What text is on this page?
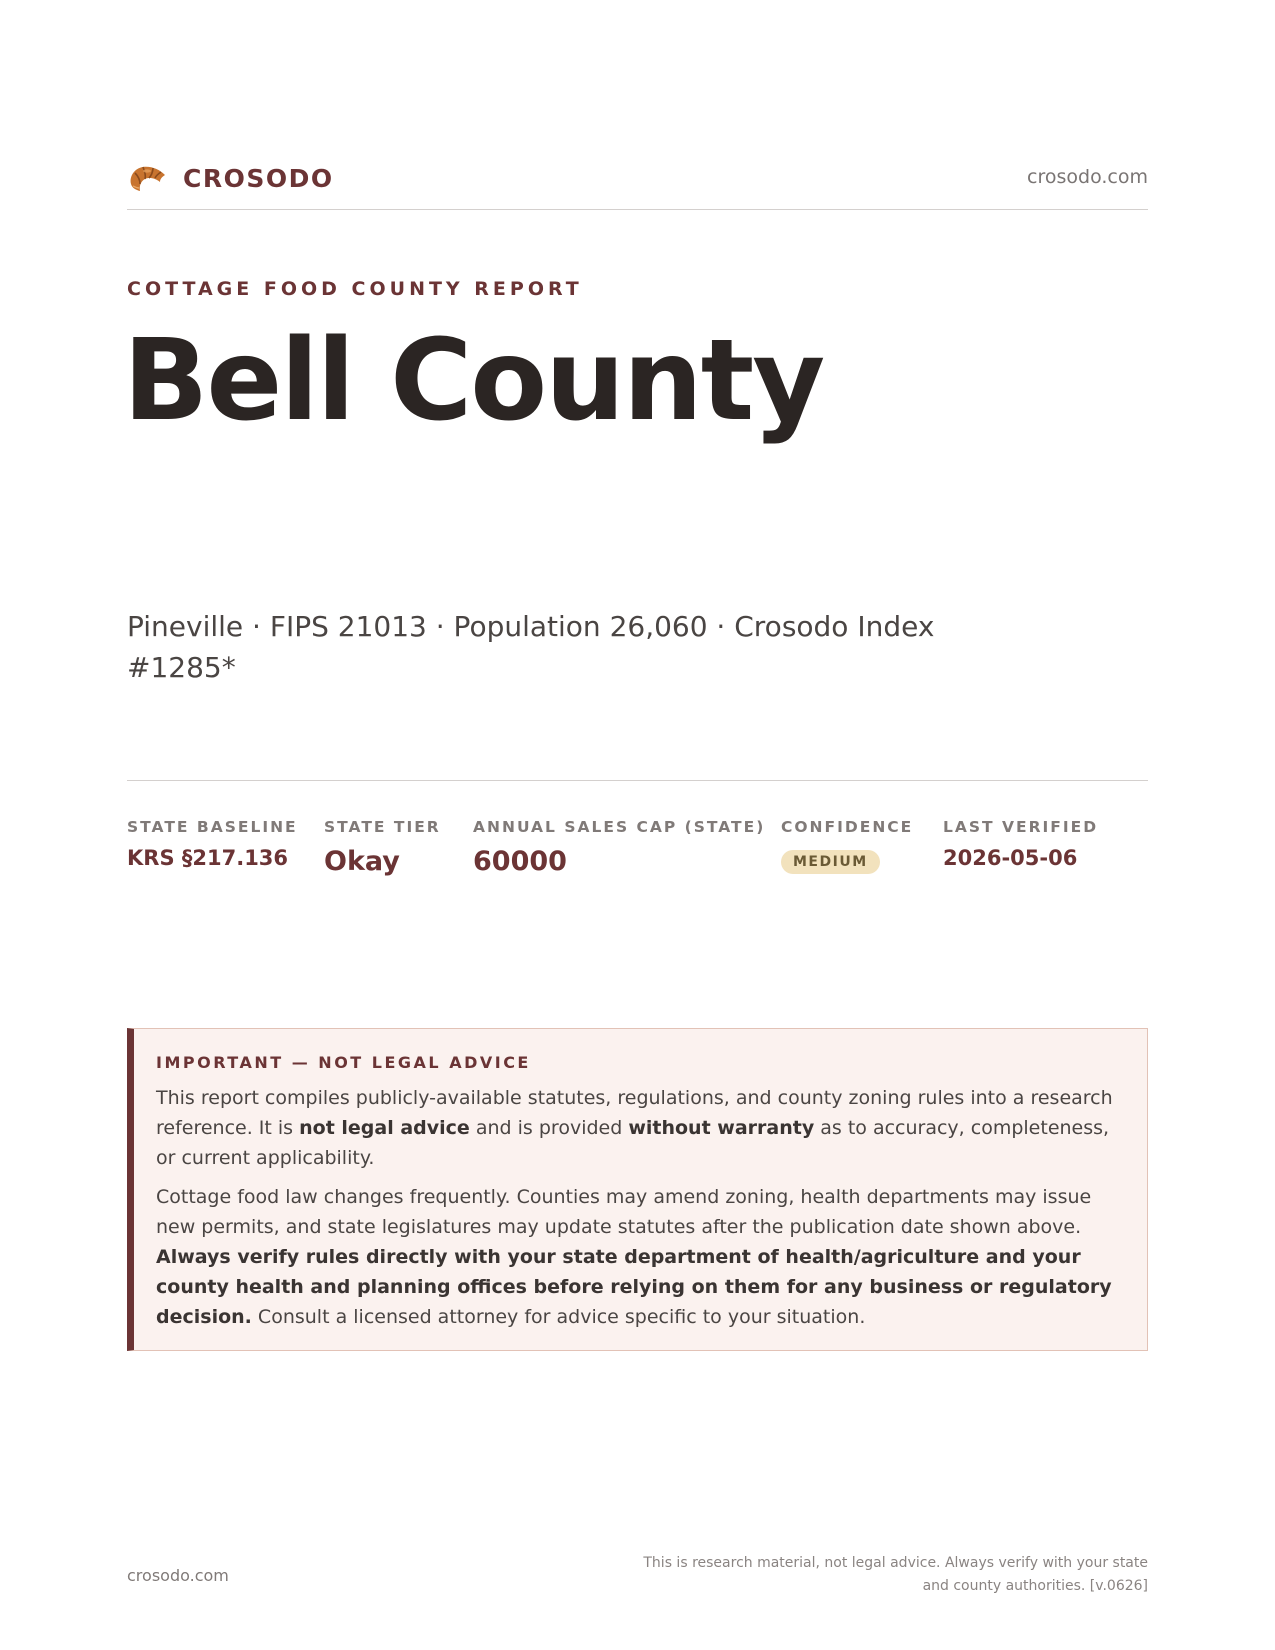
CROSODO	crosodo.com
COTTAGE FOOD COUNTY REPORT
Bell County
Pineville · FIPS 21013 · Population 26,060 · Crosodo Index #1285*
STATE BASELINE
KRS §217.136
STATE TIER
Okay
ANNUAL SALES CAP (STATE)
60000
CONFIDENCE
MEDIUM
LAST VERIFIED
2026-05-06
IMPORTANT — NOT LEGAL ADVICE

This report compiles publicly-available statutes, regulations, and county zoning rules into a research reference. It is not legal advice and is provided without warranty as to accuracy, completeness, or current applicability.

Cottage food law changes frequently. Counties may amend zoning, health departments may issue new permits, and state legislatures may update statutes after the publication date shown above. Always verify rules directly with your state department of health/agriculture and your county health and planning offices before relying on them for any business or regulatory decision. Consult a licensed attorney for advice specific to your situation.

crosodo.com
This is research material, not legal advice. Always verify with your state
and county authorities. [v.0626]
